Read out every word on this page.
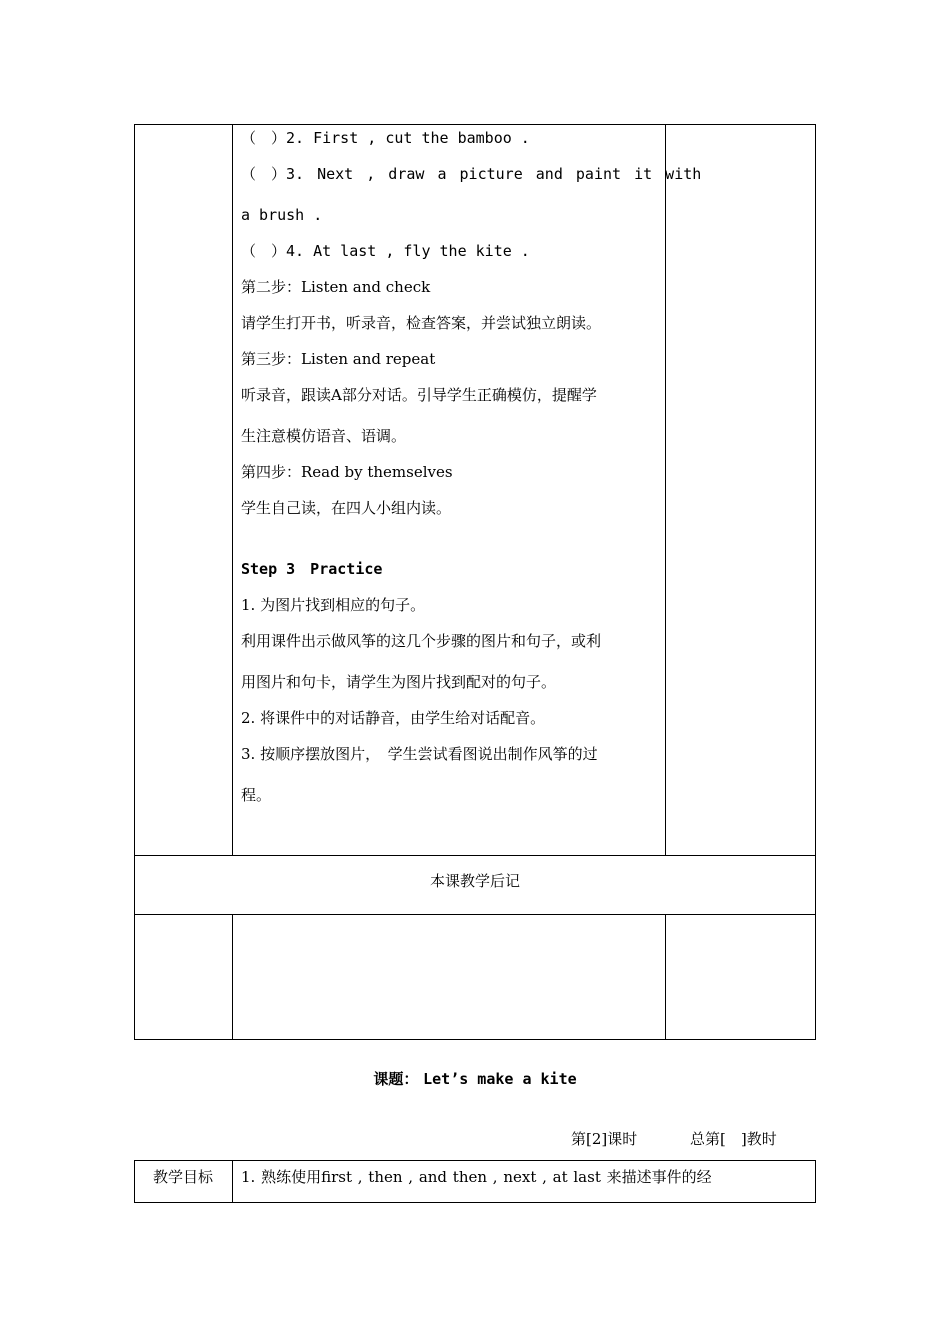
（　）2. First , cut the bamboo .
（　）3. Next , draw a picture and paint it with
a brush .
（　）4. At last , fly the kite .
第二步：Listen and check
请学生打开书，听录音，检查答案，并尝试独立朗读。
第三步：Listen and repeat
听录音，跟读A部分对话。引导学生正确模仿，提醒学
生注意模仿语音、语调。
第四步：Read by themselves
学生自己读，在四人小组内读。
Step 3　Practice
1. 为图片找到相应的句子。
利用课件出示做风筝的这几个步骤的图片和句子，或利
用图片和句卡，请学生为图片找到配对的句子。
2. 将课件中的对话静音，由学生给对话配音。
3. 按顺序摆放图片，　学生尝试看图说出制作风筝的过
程。
本课教学后记
课题： Let’s make a kite
第[2]课时	总第[　]教时
教学目标	1. 熟练使用first , then , and then , next , at last 来描述事件的经
